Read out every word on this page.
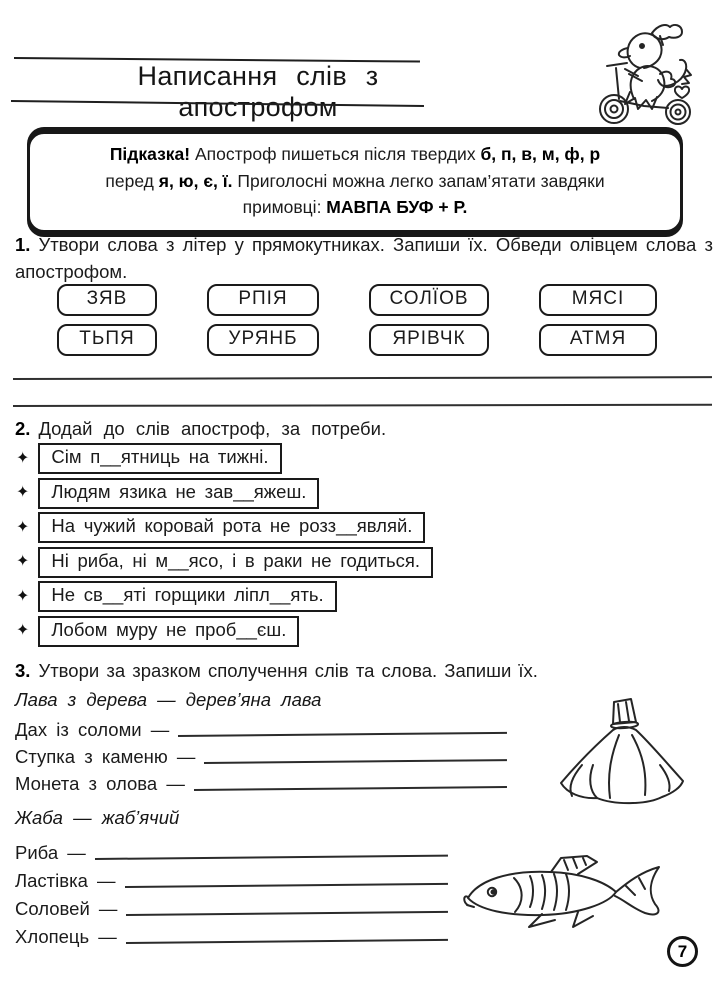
Написання слів з апострофом
Підказка! Апостроф пишеться після твердих б, п, в, м, ф, р
перед я, ю, є, ї. Приголосні можна легко запам’ятати завдяки
примовці: МАВПА БУФ + Р.
1. Утвори слова з літер у прямокутниках. Запиши їх. Обведи олівцем слова з апострофом.
ЗЯВ	РПІЯ	СОЛЇОВ	МЯСІ
ТЬПЯ	УРЯНБ	ЯРІВЧК	АТМЯ
2. Додай до слів апостроф, за потреби.
✦	Сім п__ятниць на тижні.
✦	Людям язика не зав__яжеш.
✦	На чужий коровай рота не розз__являй.
✦	Ні риба, ні м__ясо, і в раки не годиться.
✦	Не св__яті горщики ліпл__ять.
✦	Лобом муру не проб__єш.
3. Утвори за зразком сполучення слів та слова. Запиши їх.
Лава з дерева — дерев’яна лава
Дах із соломи —
Ступка з каменю —
Монета з олова —
Жаба — жаб’ячий
Риба —
Ластівка —
Соловей —
Хлопець —
7
